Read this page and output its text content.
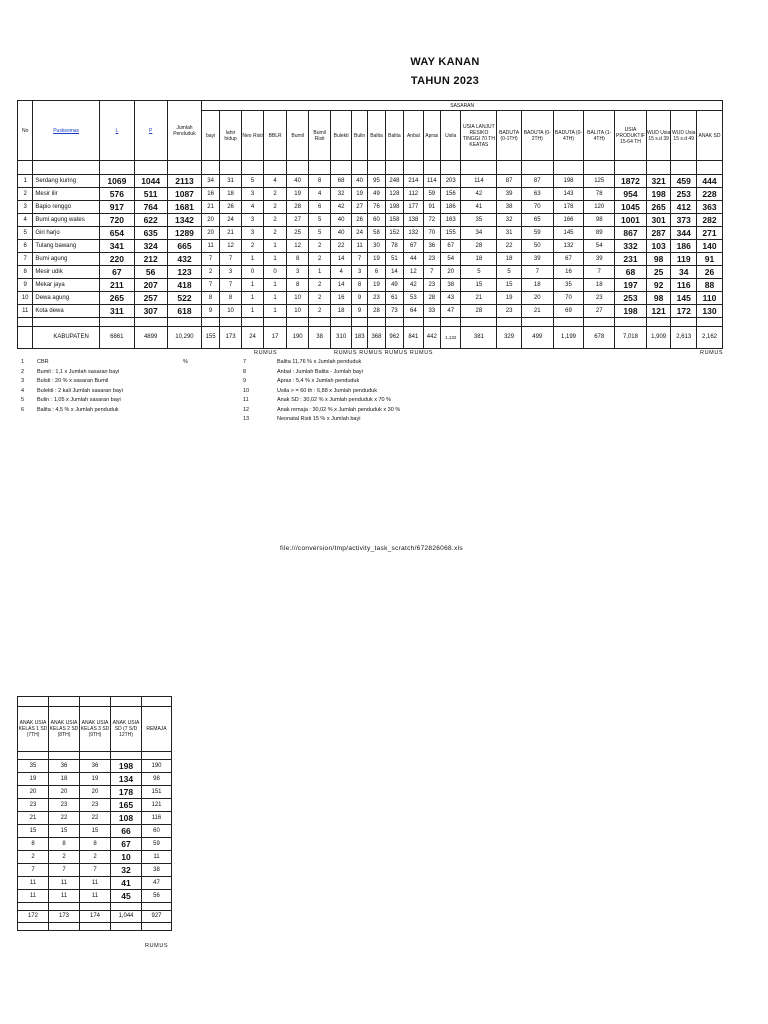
WAY KANAN
TAHUN 2023
No	Puskesmas	L	P	Jumlah Penduduk	SASARAN																					
					bayi	lahir hidup	Neo Risti	BBLR	Bumil	Bumil Risti	Bulekti	Bulin	Balita	Balita	Anbal	Apras	Usila	USIA LANJUT RESIKO TINGGI 70 TH KEATAS	BADUTA (0-1TH)	BADUTA (0-2TH)	BADUTA (0-4TH)	BALITA (1-4TH)	USIA PRODUKTIF 15-64 TH	WUD Usia 15 s.d 39	WUD Usia 15 s.d 49	ANAK SD

1	Serdang kuring	1069	1044	2113	34	31	5	4	40	8	68	40	95	248	214	114	203	114	87	87	198	125	1872	321	459	444
2	Mesir ilir	576	511	1087	16	18	3	2	19	4	32	19	49	128	112	59	156	42	39	63	143	78	954	198	253	228
3	Bapio renggo	917	764	1681	21	26	4	2	28	6	42	27	76	198	177	91	186	41	38	70	178	120	1045	265	412	363
4	Bumi agung wates	720	622	1342	20	24	3	2	27	5	40	26	60	158	138	72	163	35	32	65	166	98	1001	301	373	282
5	Giri harjo	654	635	1289	20	21	3	2	25	5	40	24	58	152	132	70	155	34	31	59	145	89	867	287	344	271
6	Tulang bawang	341	324	665	11	12	2	1	12	2	22	11	30	78	67	36	67	28	22	50	132	54	332	103	186	140
7	Bumi agung	220	212	432	7	7	1	1	8	2	14	7	19	51	44	23	54	18	18	39	67	39	231	98	119	91
8	Mesir udik	67	56	123	2	3	0	0	3	1	4	3	6	14	12	7	20	5	5	7	16	7	68	25	34	26
9	Mekar jaya	211	207	418	7	7	1	1	8	2	14	8	19	49	42	23	38	15	15	18	35	18	197	92	116	88
10	Dewa agung	265	257	522	8	8	1	1	10	2	16	9	23	61	53	28	43	21	19	20	70	23	253	98	145	110
11	Kota dewa	311	307	618	9	10	1	1	10	2	18	9	28	73	64	33	47	28	23	21	69	27	198	121	172	130

	KABUPATEN	6861	4899	10,290	155	173	24	17	190	38	310	183	368	962	841	442	1,132	381	329	499	1,199	678	7,018	1,909	2,613	2,162
RUMUS	RUMUS RUMUS RUMUS RUMUS	RUMUS
1 CBR	%
2 Bumil : 1,1 x Jumlah sasaran bayi
3 Bulsti : 20 % x sasaran Bumil
4 Bulekti : 2 kali Jumlah sasaran bayi
5 Bulin : 1,05 x Jumlah sasaran bayi
6 Balita : 4,5 % x Jumlah penduduk
7	Balita 11,76 % x Jumlah penduduk
8	Anbal : Jumlah Balita - Jumlah bayi
9	Apras : 5,4 % x Jumlah penduduk
10	Usila > = 60 th : 6,88 x Jumlah penduduk
11	Anak SD : 30,02 % x Jumlah penduduk x 70 %
12	Anak remaja : 30,02 % x Jumlah penduduk x 30 %
13	Neonatal Risti 15 % x Jumlah bayi
file:///conversion/tmp/activity_task_scratch/672826068.xls

ANAK USIA KELAS 1 SD (7TH)	ANAK USIA KELAS 2 SD (8TH)	ANAK USIA KELAS 3 SD (9TH)	ANAK USIA SD (7 S/D 12TH)	REMAJA

35	36	36	198	190
19	18	19	134	98
20	20	20	178	151
23	23	23	165	121
21	22	22	108	116
15	15	15	66	60
8	8	8	67	59
2	2	2	10	11
7	7	7	32	38
11	11	11	41	47
11	11	11	45	56

172	173	174	1,044	927

RUMUS
